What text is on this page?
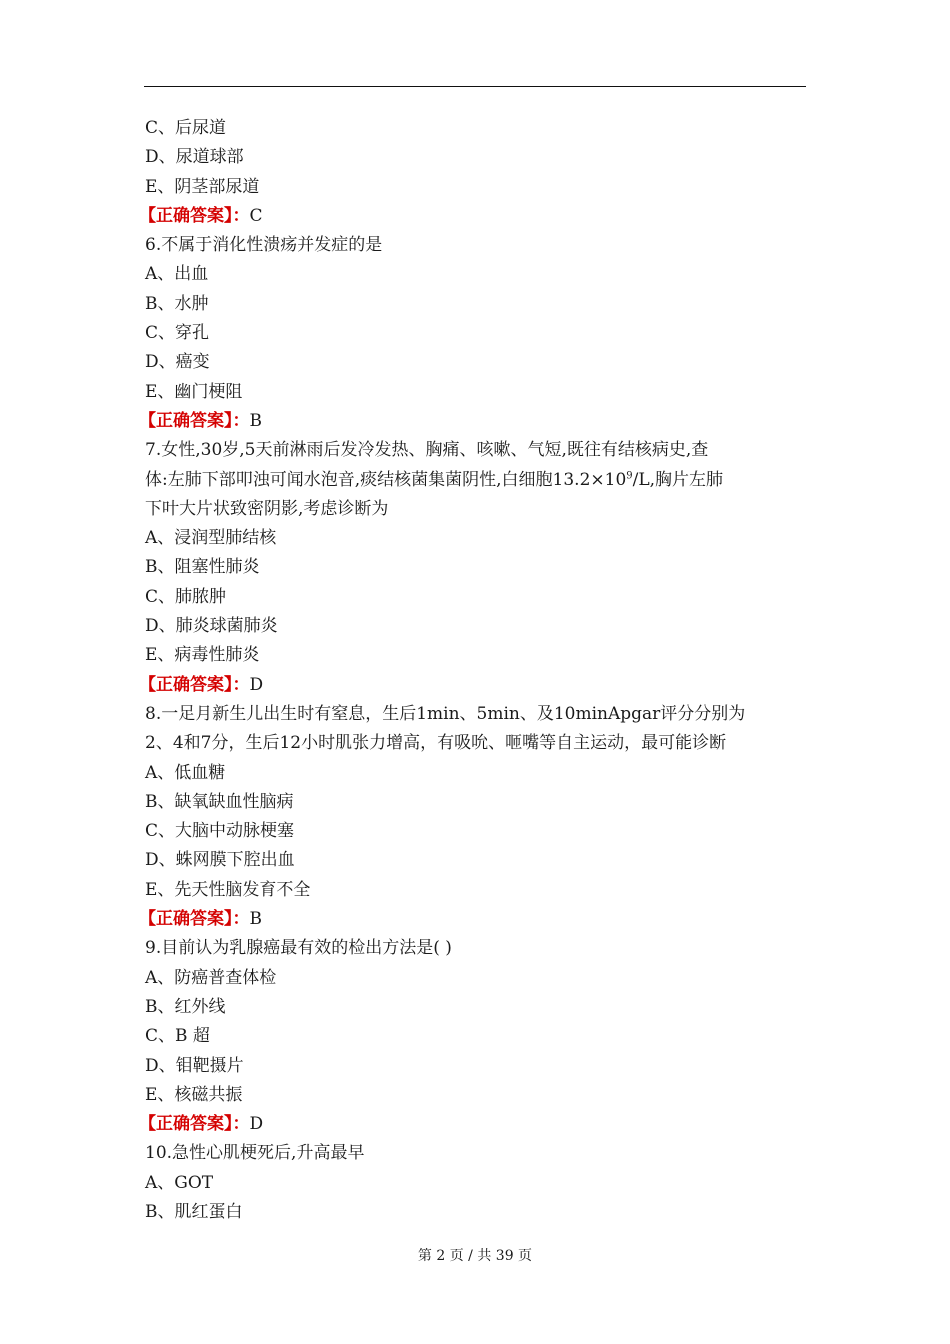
C、后尿道
D、尿道球部
E、阴茎部尿道
【正确答案】：C
6.不属于消化性溃疡并发症的是
A、出血
B、水肿
C、穿孔
D、癌变
E、幽门梗阻
【正确答案】：B
7.女性,30岁,5天前淋雨后发冷发热、胸痛、咳嗽、气短,既往有结核病史,查
体:左肺下部叩浊可闻水泡音,痰结核菌集菌阴性,白细胞$13.2\times 10^9/L$,胸片左肺
下叶大片状致密阴影,考虑诊断为
A、浸润型肺结核
B、阻塞性肺炎
C、肺脓肿
D、肺炎球菌肺炎
E、病毒性肺炎
【正确答案】：D
8.一足月新生儿出生时有窒息，生后1min、5min、及10minApgar评分分别为
2、4和7分，生后12小时肌张力增高，有吸吮、咂嘴等自主运动，最可能诊断
A、低血糖
B、缺氧缺血性脑病
C、大脑中动脉梗塞
D、蛛网膜下腔出血
E、先天性脑发育不全
【正确答案】：B
9.目前认为乳腺癌最有效的检出方法是( )
A、防癌普查体检
B、红外线
C、B 超
D、钼靶摄片
E、核磁共振
【正确答案】：D
10.急性心肌梗死后,升高最早
A、GOT
B、肌红蛋白
第 2 页 / 共 39 页
